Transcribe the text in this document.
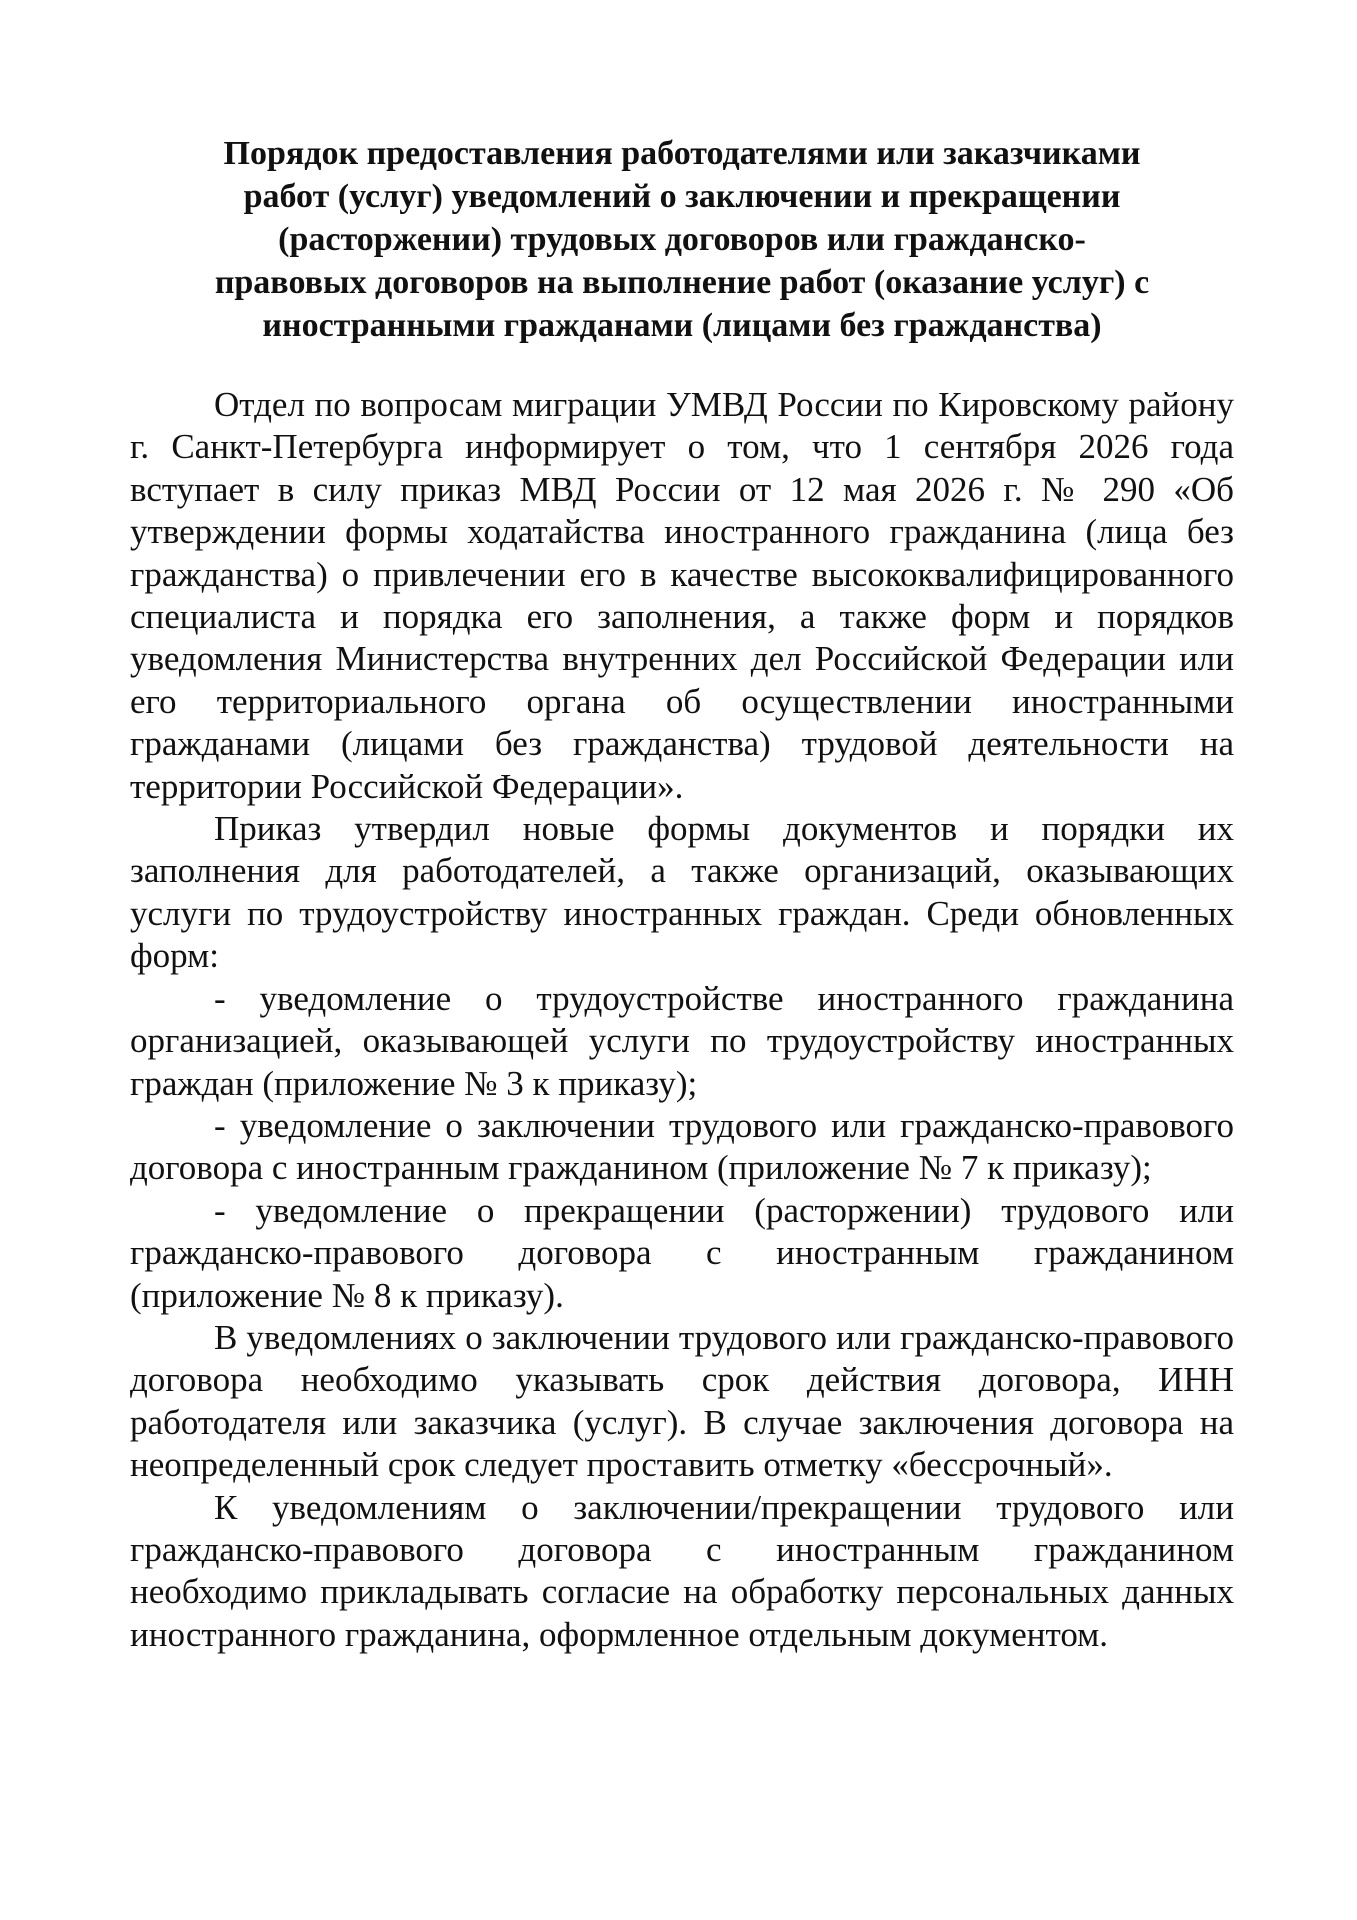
Порядок предоставления работодателями или заказчиками
работ (услуг) уведомлений о заключении и прекращении
(расторжении) трудовых договоров или гражданско-
правовых договоров на выполнение работ (оказание услуг) с
иностранными гражданами (лицами без гражданства)

Отдел по вопросам миграции УМВД России по Кировскому району г. Санкт-Петербурга информирует о том, что 1 сентября 2026 года вступает в силу приказ МВД России от 12 мая 2026 г. № 290 «Об утверждении формы ходатайства иностранного гражданина (лица без гражданства) о привлечении его в качестве высококвалифицированного специалиста и порядка его заполнения, а также форм и порядков уведомления Министерства внутренних дел Российской Федерации или его территориального органа об осуществлении иностранными гражданами (лицами без гражданства) трудовой деятельности на территории Российской Федерации».

Приказ утвердил новые формы документов и порядки их заполнения для работодателей, а также организаций, оказывающих услуги по трудоустройству иностранных граждан. Среди обновленных форм:

- уведомление о трудоустройстве иностранного гражданина организацией, оказывающей услуги по трудоустройству иностранных граждан (приложение № 3 к приказу);

- уведомление о заключении трудового или гражданско-правового договора с иностранным гражданином (приложение № 7 к приказу);

- уведомление о прекращении (расторжении) трудового или гражданско-правового договора с иностранным гражданином (приложение № 8 к приказу).

В уведомлениях о заключении трудового или гражданско-правового договора необходимо указывать срок действия договора, ИНН работодателя или заказчика (услуг). В случае заключения договора на неопределенный срок следует проставить отметку «бессрочный».

К уведомлениям о заключении/прекращении трудового или гражданско-правового договора с иностранным гражданином необходимо прикладывать согласие на обработку персональных данных иностранного гражданина, оформленное отдельным документом.
